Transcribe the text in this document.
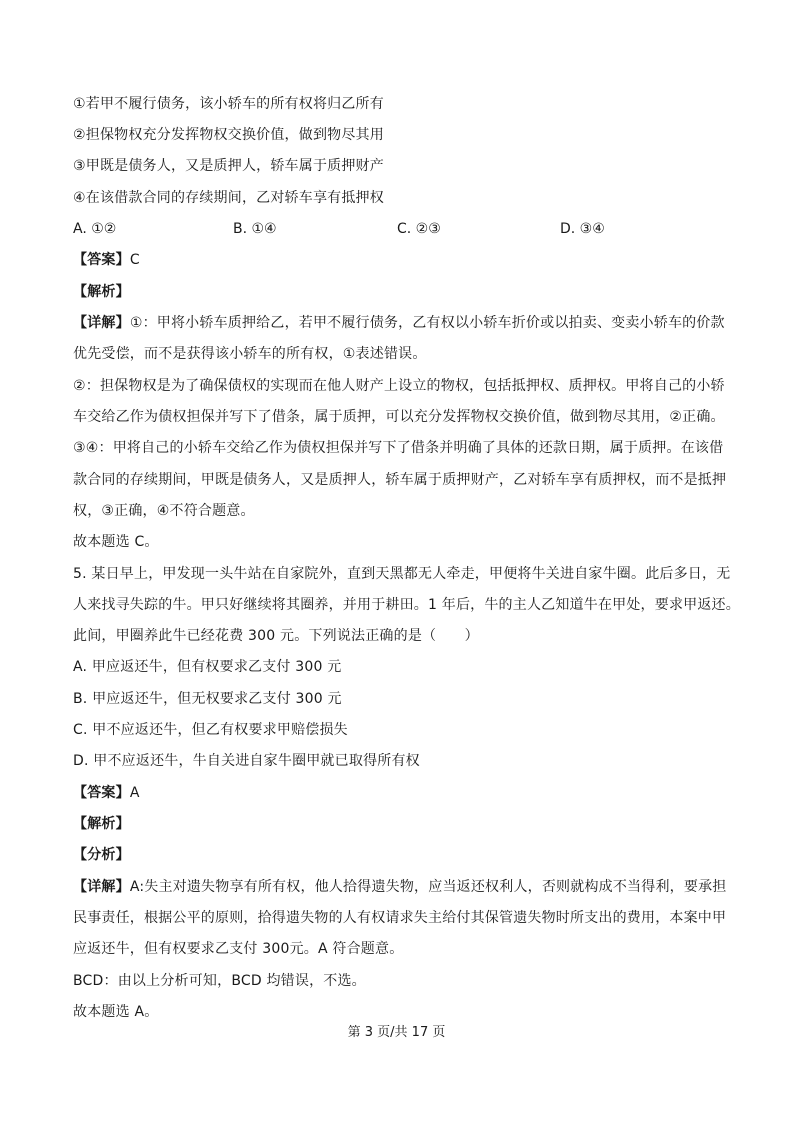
①若甲不履行债务，该小轿车的所有权将归乙所有
②担保物权充分发挥物权交换价值，做到物尽其用
③甲既是债务人，又是质押人，轿车属于质押财产
④在该借款合同的存续期间，乙对轿车享有抵押权
A. ①②	B. ①④	C. ②③	D. ③④
【答案】C
【解析】
【详解】①：甲将小轿车质押给乙，若甲不履行债务，乙有权以小轿车折价或以拍卖、变卖小轿车的价款
优先受偿，而不是获得该小轿车的所有权，①表述错误。
②：担保物权是为了确保债权的实现而在他人财产上设立的物权，包括抵押权、质押权。甲将自己的小轿
车交给乙作为债权担保并写下了借条，属于质押，可以充分发挥物权交换价值，做到物尽其用，②正确。
③④：甲将自己的小轿车交给乙作为债权担保并写下了借条并明确了具体的还款日期，属于质押。在该借
款合同的存续期间，甲既是债务人，又是质押人，轿车属于质押财产，乙对轿车享有质押权，而不是抵押
权，③正确，④不符合题意。
故本题选 C。
5. 某日早上，甲发现一头牛站在自家院外，直到天黑都无人牵走，甲便将牛关进自家牛圈。此后多日，无
人来找寻失踪的牛。甲只好继续将其圈养，并用于耕田。1 年后，牛的主人乙知道牛在甲处，要求甲返还。
此间，甲圈养此牛已经花费 300 元。下列说法正确的是（　　）
A. 甲应返还牛，但有权要求乙支付 300 元
B. 甲应返还牛，但无权要求乙支付 300 元
C. 甲不应返还牛，但乙有权要求甲赔偿损失
D. 甲不应返还牛，牛自关进自家牛圈甲就已取得所有权
【答案】A
【解析】
【分析】
【详解】A:失主对遗失物享有所有权，他人拾得遗失物，应当返还权利人，否则就构成不当得利，要承担
民事责任，根据公平的原则，拾得遗失物的人有权请求失主给付其保管遗失物时所支出的费用，本案中甲
应返还牛，但有权要求乙支付 300元。A 符合题意。
BCD：由以上分析可知，BCD 均错误，不选。
故本题选 A。
第 3 页/共 17 页
